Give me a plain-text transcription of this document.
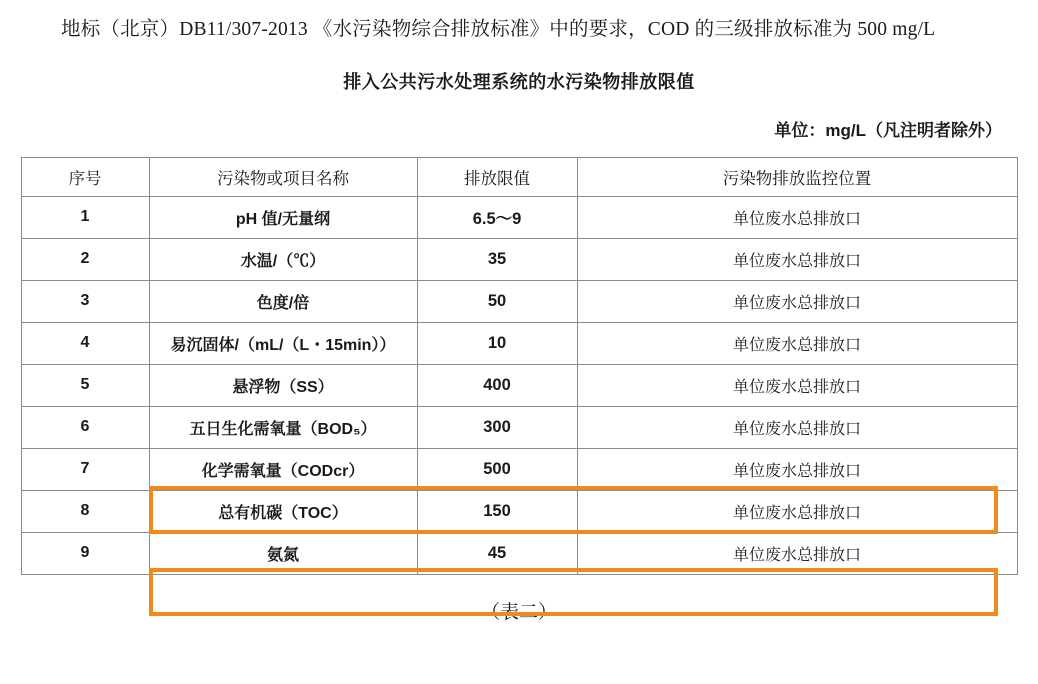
地标（北京）DB11/307-2013 《水污染物综合排放标准》中的要求，COD 的三级排放标准为 500 mg/L

排入公共污水处理系统的水污染物排放限值
单位：mg/L（凡注明者除外）
序号	污染物或项目名称	排放限值	污染物排放监控位置
1	pH 值/无量纲	6.5～9	单位废水总排放口
2	水温/（℃）	35	单位废水总排放口
3	色度/倍	50	单位废水总排放口
4	易沉固体/（mL/（L・15min））	10	单位废水总排放口
5	悬浮物（SS）	400	单位废水总排放口
6	五日生化需氧量（BOD₅）	300	单位废水总排放口
7	化学需氧量（CODcr）	500	单位废水总排放口
8	总有机碳（TOC）	150	单位废水总排放口
9	氨氮	45	单位废水总排放口
（表二）
